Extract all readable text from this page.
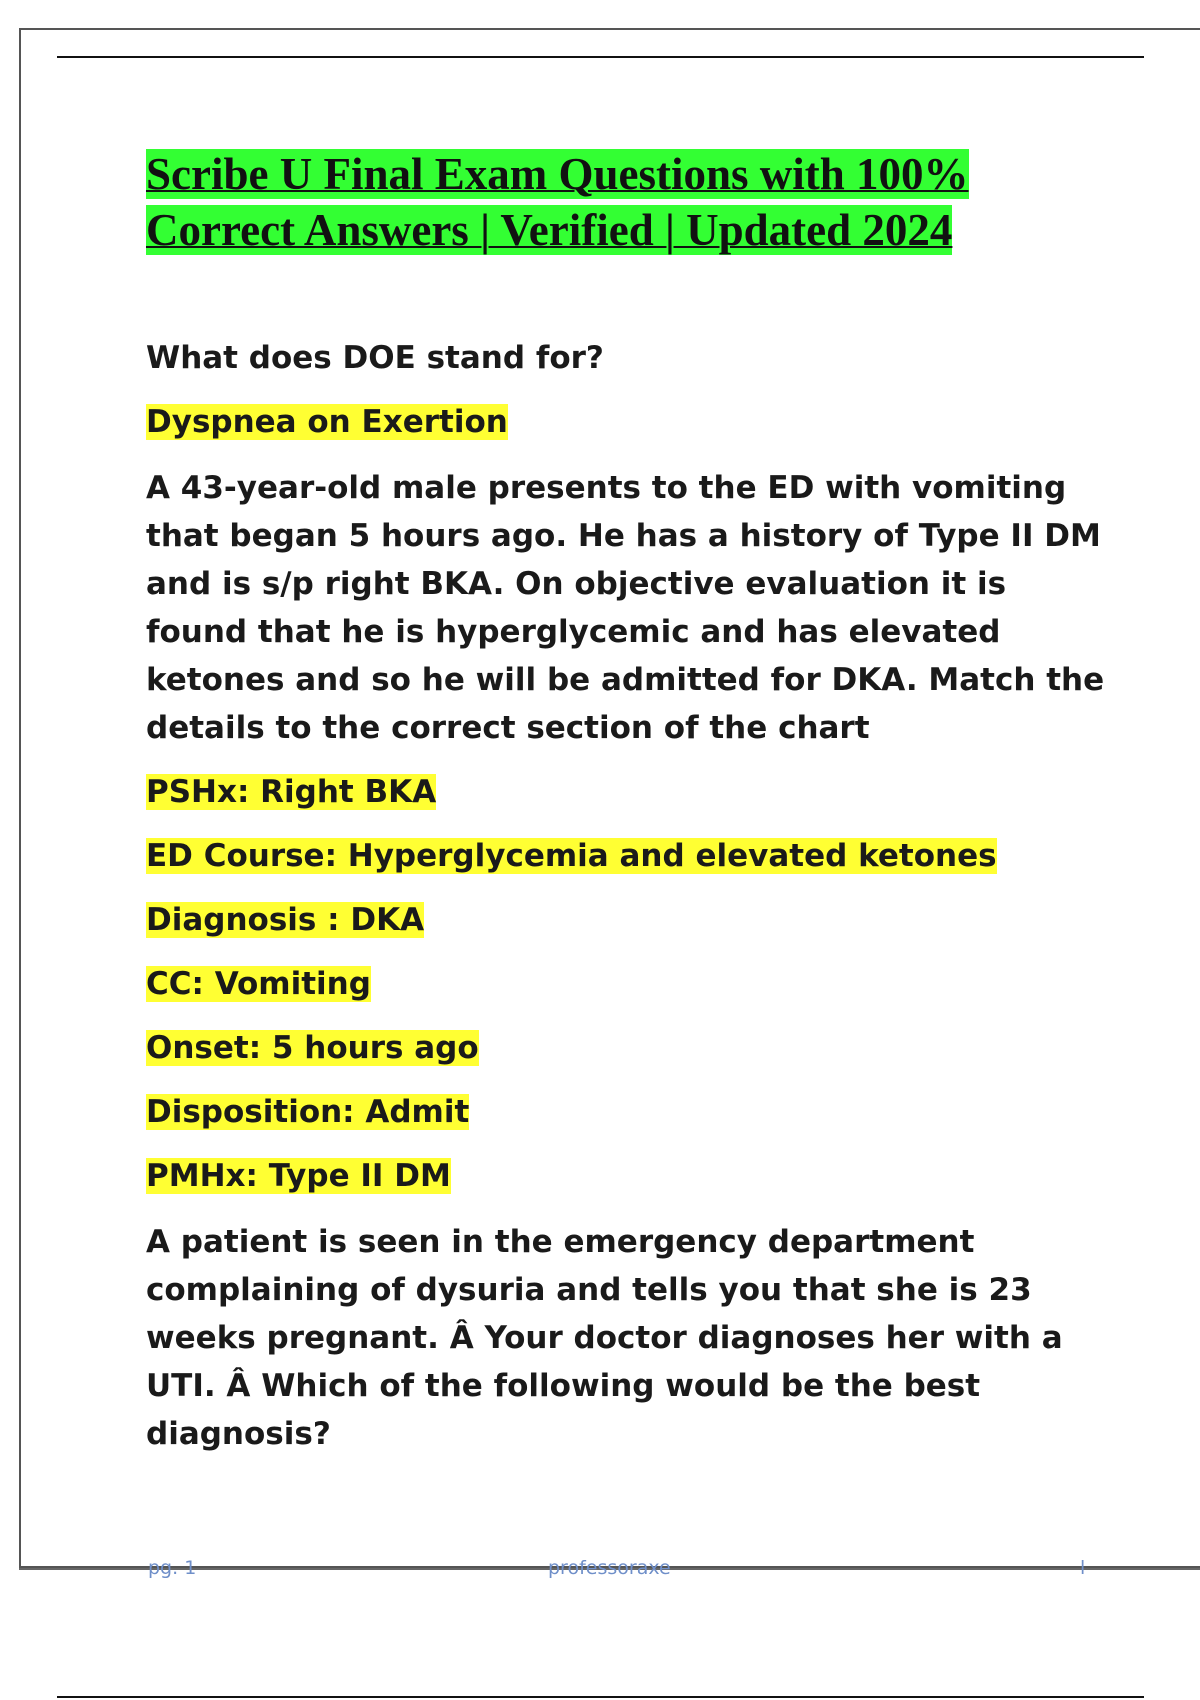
Scribe U Final Exam Questions with 100%
Correct Answers | Verified | Updated 2024

What does DOE stand for?

Dyspnea on Exertion

A 43-year-old male presents to the ED with vomiting that began 5 hours ago. He has a history of Type II DM and is s/p right BKA. On objective evaluation it is found that he is hyperglycemic and has elevated ketones and so he will be admitted for DKA. Match the details to the correct section of the chart

PSHx: Right BKA

ED Course: Hyperglycemia and elevated ketones

Diagnosis : DKA

CC: Vomiting

Onset: 5 hours ago

Disposition: Admit

PMHx: Type II DM

A patient is seen in the emergency department complaining of dysuria and tells you that she is 23 weeks pregnant. Â Your doctor diagnoses her with a UTI. Â Which of the following would be the best diagnosis?

pg. 1	professoraxe	l
